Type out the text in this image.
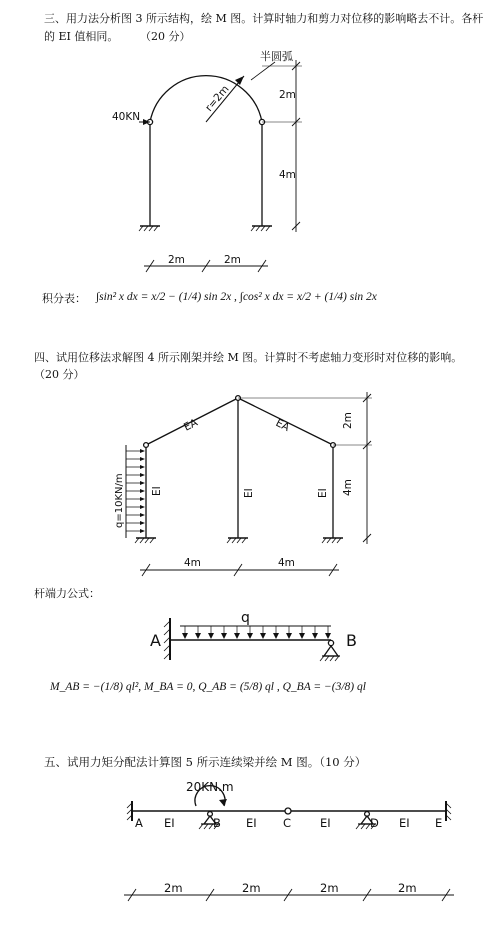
三、用力法分析图 3 所示结构，绘 M 图。计算时轴力和剪力对位移的影响略去不计。各杆
的 EI 值相同。 （20 分）
半圆弧
r=2m
40KN
2m
4m
2m	2m
q=10KN/m
EA	EA
EI	EI	EI
2m
4m
4m	4m
q
A	B
20KN.m
A	B	C	D	E
EI	EI	EI	EI
2m	2m	2m	2m
积分表： ∫sin² x dx = x/2 − (1/4) sin 2x , ∫cos² x dx = x/2 + (1/4) sin 2x
四、试用位移法求解图 4 所示刚架并绘 M 图。计算时不考虑轴力变形时对位移的影响。
（20 分）
杆端力公式：
M_AB = −(1/8) ql², M_BA = 0, Q_AB = (5/8) ql , Q_BA = −(3/8) ql
五、试用力矩分配法计算图 5 所示连续梁并绘 M 图。（10 分）
